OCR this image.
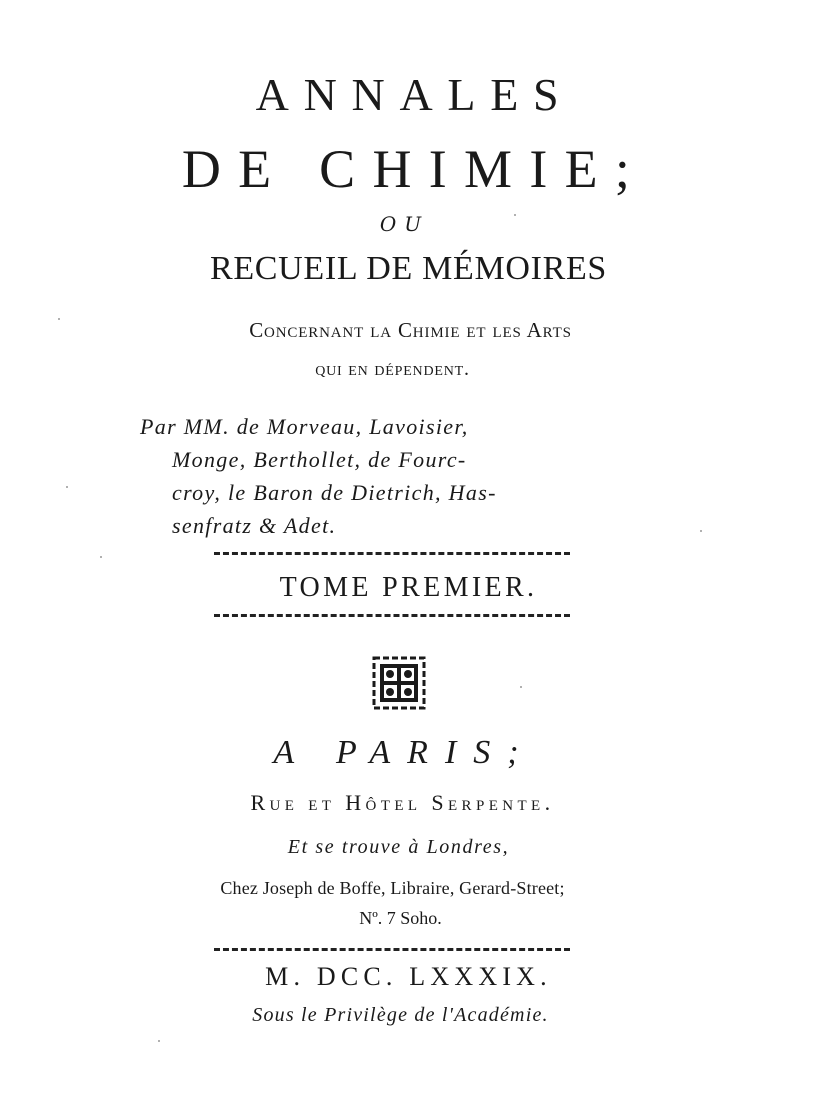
ANNALES
DE CHIMIE;
OU
RECUEIL DE MÉMOIRES
Concernant la Chimie et les Arts
qui en dépendent.
Par MM. de Morveau, Lavoisier,
Monge, Berthollet, de Fourc-
croy, le Baron de Dietrich, Has-
senfratz & Adet.
TOME PREMIER.
A PARIS;
Rue et Hôtel Serpente.
Et se trouve à Londres,
Chez Joseph de Boffe, Libraire, Gerard-Street;
Nº. 7 Soho.
M. DCC. LXXXIX.
Sous le Privilège de l'Académie.
